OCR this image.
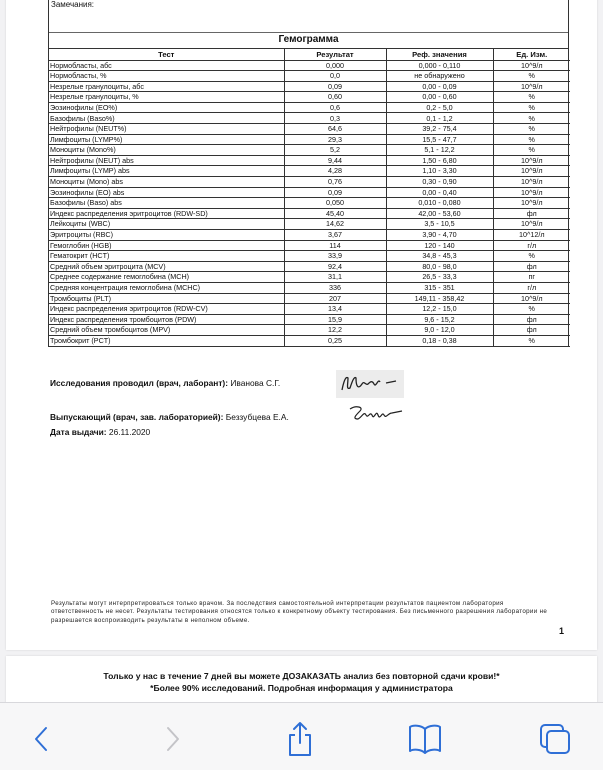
Замечания:
Гемограмма
Тест	Результат	Реф. значения	Ед. Изм.
Нормобласты, абс	0,000	0,000 - 0,110	10^9/л
Нормобласты, %	0,0	не обнаружено	%
Незрелые гранулоциты, абс	0,09	0,00 - 0,09	10^9/л
Незрелые гранулоциты, %	0,60	0,00 - 0,60	%
Эозинофилы (EO%)	0,6	0,2 - 5,0	%
Базофилы (Baso%)	0,3	0,1 - 1,2	%
Нейтрофилы (NEUT%)	64,6	39,2 - 75,4	%
Лимфоциты (LYMP%)	29,3	15,5 - 47,7	%
Моноциты (Mono%)	5,2	5,1 - 12,2	%
Нейтрофилы (NEUT) abs	9,44	1,50 - 6,80	10^9/л
Лимфоциты (LYMP) abs	4,28	1,10 - 3,30	10^9/л
Моноциты (Mono) abs	0,76	0,30 - 0,90	10^9/л
Эозинофилы (EO) abs	0,09	0,00 - 0,40	10^9/л
Базофилы (Baso) abs	0,050	0,010 - 0,080	10^9/л
Индекс распределения эритроцитов (RDW-SD)	45,40	42,00 - 53,60	фл
Лейкоциты (WBC)	14,62	3,5 - 10,5	10^9/л
Эритроциты (RBC)	3,67	3,90 - 4,70	10^12/л
Гемоглобин (HGB)	114	120 - 140	г/л
Гематокрит (HCT)	33,9	34,8 - 45,3	%
Средний объем эритроцита (MCV)	92,4	80,0 - 98,0	фл
Среднее содержание гемоглобина (MCH)	31,1	26,5 - 33,3	пг
Средняя концентрация гемоглобина (MCHC)	336	315 - 351	г/л
Тромбоциты (PLT)	207	149,11 - 358,42	10^9/л
Индекс распределения эритроцитов (RDW-CV)	13,4	12,2 - 15,0	%
Индекс распределения тромбоцитов (PDW)	15,9	9,6 - 15,2	фл
Средний объем тромбоцитов (MPV)	12,2	9,0 - 12,0	фл
Тромбокрит (PCT)	0,25	0,18 - 0,38	%
Исследования проводил (врач, лаборант): Иванова С.Г.
Выпускающий (врач, зав. лабораторией): Беззубцева Е.А.
Дата выдачи: 26.11.2020
Результаты могут интерпретироваться только врачом. За последствия самостоятельной интерпретации результатов пациентом лаборатория ответственность не несет. Результаты тестирования относятся только к конкретному объекту тестирования. Без письменного разрешения лаборатории не разрешается воспроизводить результаты в неполном объеме.
1
Только у нас в течение 7 дней вы можете ДОЗАКАЗАТЬ анализ без повторной сдачи крови!*
*Более 90% исследований. Подробная информация у администратора
